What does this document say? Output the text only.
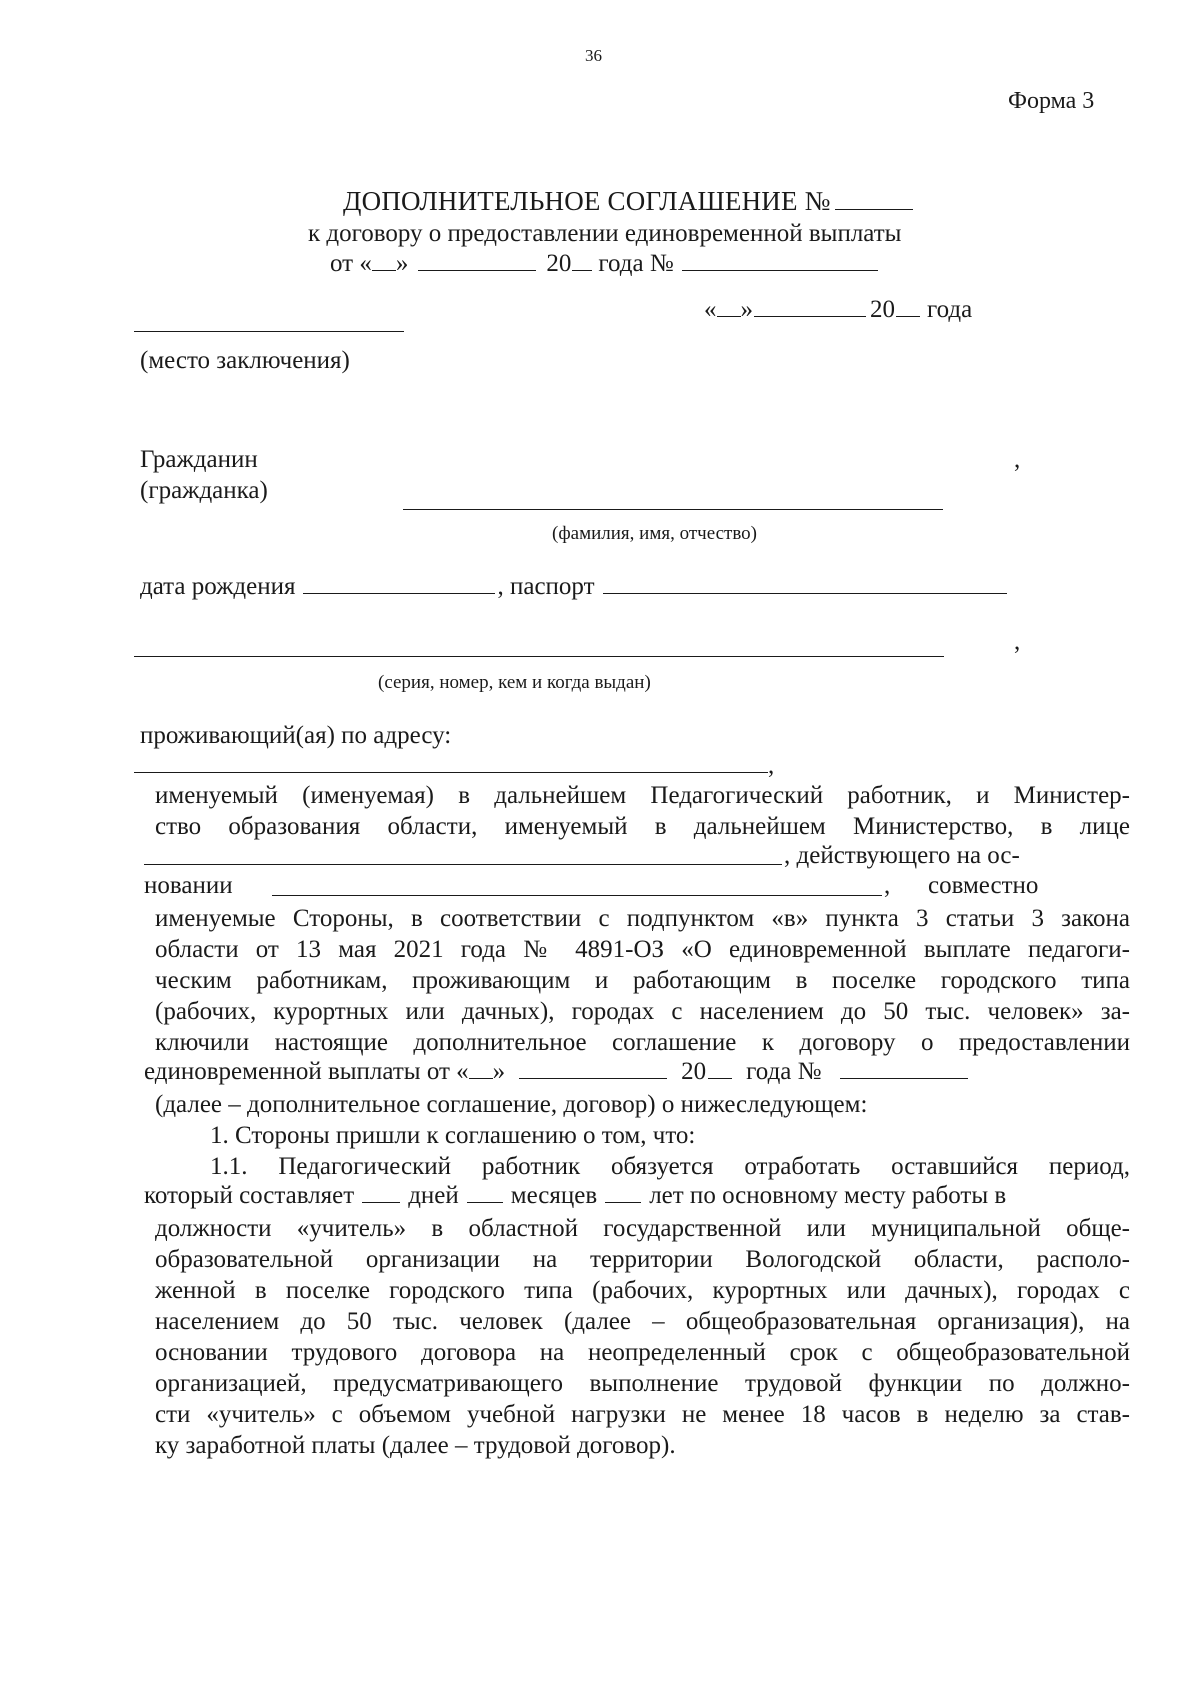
36
Форма 3
ДОПОЛНИТЕЛЬНОЕ СОГЛАШЕНИЕ №
к договору о предоставлении единовременной выплаты
от « »	20 года №
« »	20 года
(место заключения)
Гражданин
(гражданка)
,
(фамилия, имя, отчество)
дата рождения	, паспорт
,
(серия, номер, кем и когда выдан)
проживающий(ая) по адресу:
,
именуемый (именуемая) в дальнейшем Педагогический работник, и Министер-
ство образования области, именуемый в дальнейшем Министерство, в лице
, действующего на ос-
новании	, совместно
именуемые Стороны, в соответствии с подпунктом «в» пункта 3 статьи 3 закона
области от 13 мая 2021 года № 4891-ОЗ «О единовременной выплате педагоги-
ческим работникам, проживающим и работающим в поселке городского типа
(рабочих, курортных или дачных), городах с населением до 50 тыс. человек» за-
ключили настоящие дополнительное соглашение к договору о предоставлении
единовременной выплаты от « »	20 года №
(далее – дополнительное соглашение, договор) о нижеследующем:
1. Стороны пришли к соглашению о том, что:
1.1. Педагогический работник обязуется отработать оставшийся период,
который составляет дней месяцев лет по основному месту работы в
должности «учитель» в областной государственной или муниципальной обще-
образовательной организации на территории Вологодской области, располо-
женной в поселке городского типа (рабочих, курортных или дачных), городах с
населением до 50 тыс. человек (далее – общеобразовательная организация), на
основании трудового договора на неопределенный срок с общеобразовательной
организацией, предусматривающего выполнение трудовой функции по должно-
сти «учитель» с объемом учебной нагрузки не менее 18 часов в неделю за став-
ку заработной платы (далее – трудовой договор).
